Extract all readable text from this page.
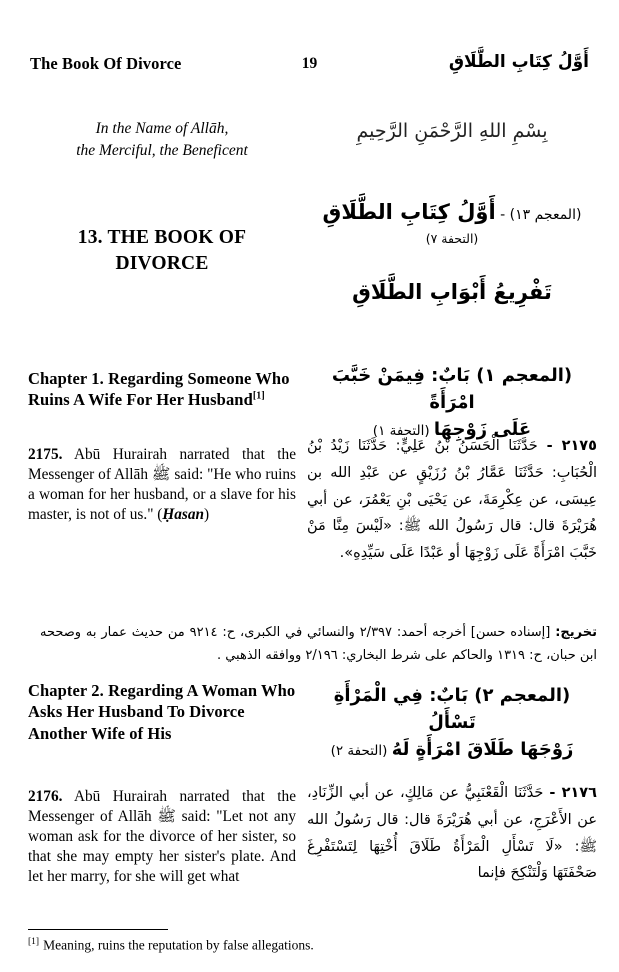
The Book Of Divorce	19	أَوَّلُ كِتَابِ الطَّلَاقِ
In the Name of Allāh,
the Merciful, the Beneficent
13. THE BOOK OF
DIVORCE
Chapter 1. Regarding Someone Who Ruins A Wife For Her Husband[1]
2175. Abū Hurairah narrated that the Messenger of Allāh ﷺ said: "He who ruins a woman for her husband, or a slave for his master, is not of us." (Ḥasan)
Chapter 2. Regarding A Woman Who Asks Her Husband To Divorce Another Wife of His
2176. Abū Hurairah narrated that the Messenger of Allāh ﷺ said: "Let not any woman ask for the divorce of her sister, so that she may empty her sister's plate. And let her marry, for she will get what
بِسْمِ اللهِ الرَّحْمَنِ الرَّحِيمِ
(المعجم ١٣) - أَوَّلُ كِتَابِ الطَّلَاقِ
(التحفة ٧)
تَفْرِيعُ أَبْوَابِ الطَّلَاقِ
(المعجم ١) بَابٌ: فِيمَنْ خَبَّبَ امْرَأَةً
عَلَى زَوْجِهَا (التحفة ١)
٢١٧٥ - حَدَّثَنَا الْحَسَنُ بْنُ عَلِيٍّ: حَدَّثَنَا زَيْدُ بْنُ الْحُبَابِ: حَدَّثَنَا عَمَّارُ بْنُ رُزَيْقٍ عن عَبْدِ الله بن عِيسَى، عن عِكْرِمَةَ، عن يَحْيَى بْنِ يَعْمُرَ، عن أبي هُرَيْرَةَ قال: قال رَسُولُ الله ﷺ: «لَيْسَ مِنَّا مَنْ خَبَّبَ امْرَأَةً عَلَى زَوْجِهَا أو عَبْدًا عَلَى سَيِّدِهِ».
(المعجم ٢) بَابٌ: فِي الْمَرْأَةِ تَسْأَلُ
زَوْجَهَا طَلَاقَ امْرَأَةٍ لَهُ (التحفة ٢)
٢١٧٦ - حَدَّثَنَا الْقَعْنَبِيُّ عن مَالِكٍ، عن أبي الزِّنَادِ، عن الأَعْرَجِ، عن أبي هُرَيْرَةَ قال: قال رَسُولُ الله ﷺ: «لَا تَسْأَلِ الْمَرْأَةُ طَلَاقَ أُخْتِهَا لِتَسْتَفْرِغَ صَحْفَتَهَا وَلْتَنْكِحَ فإنما
تخريج: [إسناده حسن] أخرجه أحمد: ٢/٣٩٧ والنسائي في الكبرى، ح: ٩٢١٤ من حديث عمار به وصححه ابن حبان، ح: ١٣١٩ والحاكم على شرط البخاري: ٢/١٩٦ ووافقه الذهبي .
[1] Meaning, ruins the reputation by false allegations.
